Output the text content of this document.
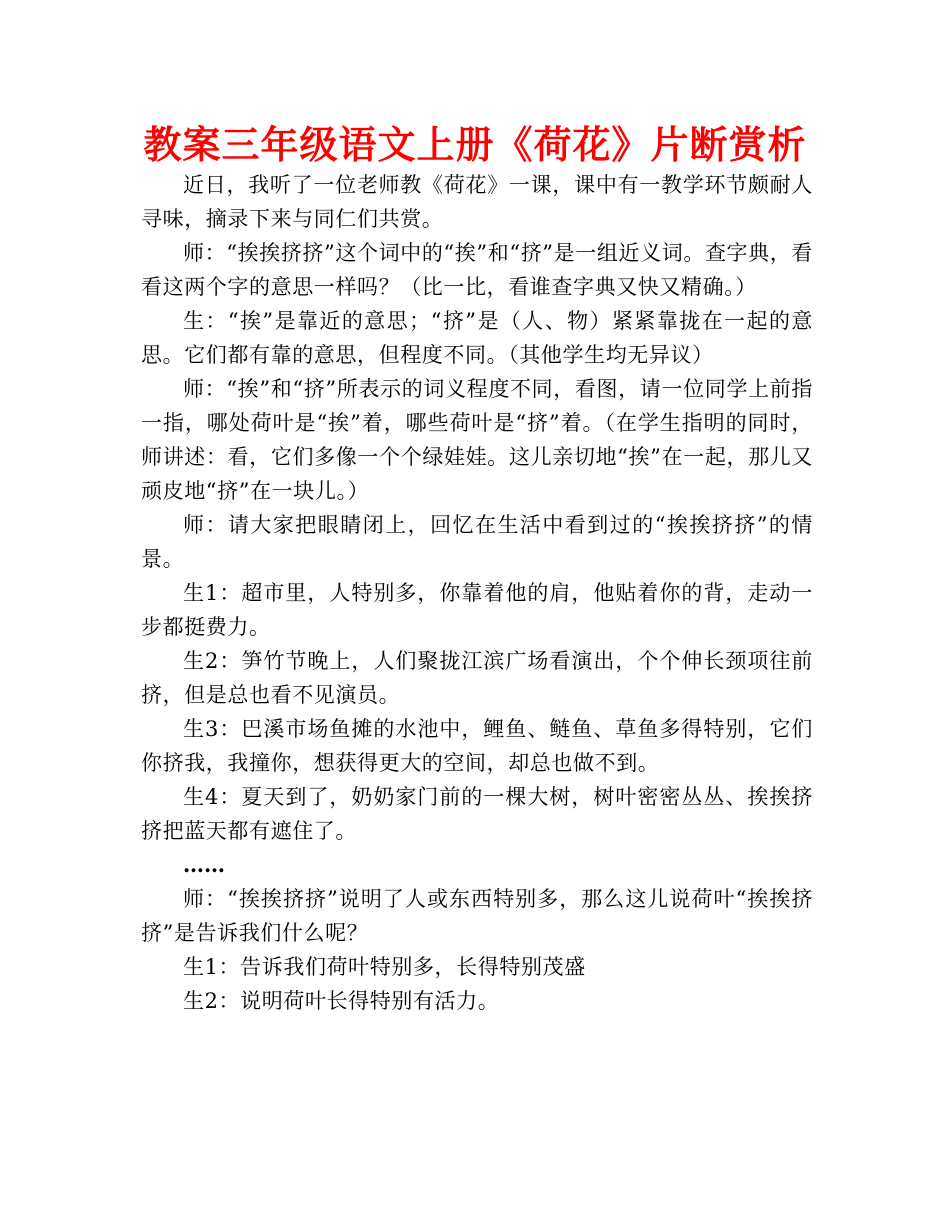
教案三年级语文上册《荷花》片断赏析

近日，我听了一位老师教《荷花》一课，课中有一教学环节颇耐人寻味，摘录下来与同仁们共赏。

师：“挨挨挤挤”这个词中的“挨”和“挤”是一组近义词。查字典，看看这两个字的意思一样吗？（比一比，看谁查字典又快又精确。）

生：“挨”是靠近的意思；“挤”是（人、物）紧紧靠拢在一起的意思。它们都有靠的意思，但程度不同。（其他学生均无异议）

师：“挨”和“挤”所表示的词义程度不同，看图，请一位同学上前指一指，哪处荷叶是“挨”着，哪些荷叶是“挤”着。（在学生指明的同时，师讲述：看，它们多像一个个绿娃娃。这儿亲切地“挨”在一起，那儿又顽皮地“挤”在一块儿。）

师：请大家把眼睛闭上，回忆在生活中看到过的“挨挨挤挤”的情景。

生1：超市里，人特别多，你靠着他的肩，他贴着你的背，走动一步都挺费力。

生2：笋竹节晚上，人们聚拢江滨广场看演出，个个伸长颈项往前挤，但是总也看不见演员。

生3：巴溪市场鱼摊的水池中，鲤鱼、鲢鱼、草鱼多得特别，它们你挤我，我撞你，想获得更大的空间，却总也做不到。

生4：夏天到了，奶奶家门前的一棵大树，树叶密密丛丛、挨挨挤挤把蓝天都有遮住了。

……

师：“挨挨挤挤”说明了人或东西特别多，那么这儿说荷叶“挨挨挤挤”是告诉我们什么呢？

生1：告诉我们荷叶特别多，长得特别茂盛

生2：说明荷叶长得特别有活力。
